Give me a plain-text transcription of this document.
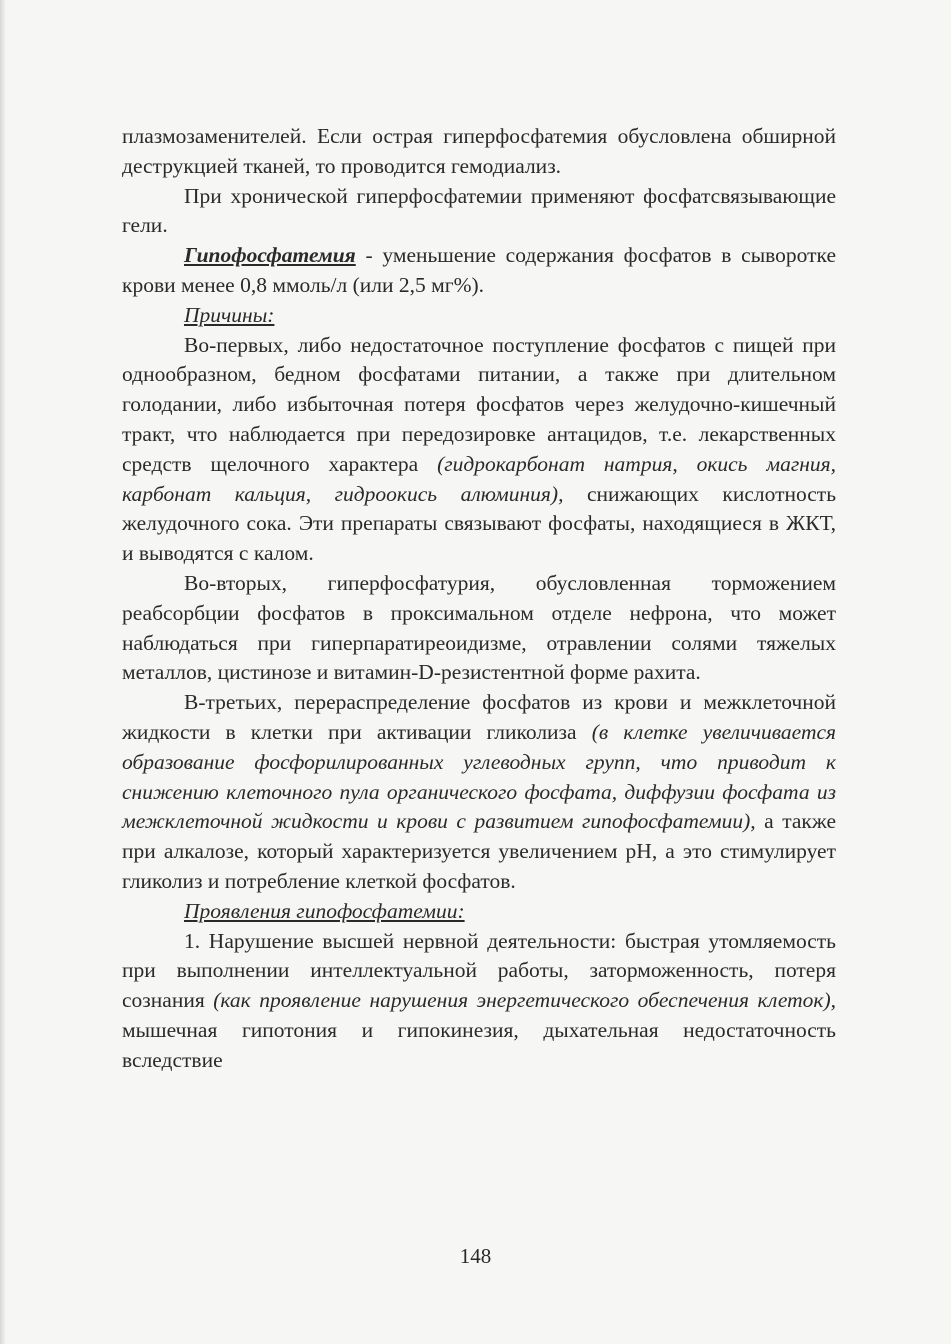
плазмозаменителей. Если острая гиперфосфатемия обусловлена обширной деструкцией тканей, то проводится гемодиализ.

При хронической гиперфосфатемии применяют фосфатсвязывающие гели.

Гипофосфатемия - уменьшение содержания фосфатов в сыворотке крови менее 0,8 ммоль/л (или 2,5 мг%).

Причины:

Во-первых, либо недостаточное поступление фосфатов с пищей при однообразном, бедном фосфатами питании, а также при длительном голодании, либо избыточная потеря фосфатов через желудочно-кишечный тракт, что наблюдается при передозировке антацидов, т.е. лекарственных средств щелочного характера (гидрокарбонат натрия, окись магния, карбонат кальция, гидроокись алюминия), снижающих кислотность желудочного сока. Эти препараты связывают фосфаты, находящиеся в ЖКТ, и выводятся с калом.

Во-вторых, гиперфосфатурия, обусловленная торможением реабсорбции фосфатов в проксимальном отделе нефрона, что может наблюдаться при гиперпаратиреоидизме, отравлении солями тяжелых металлов, цистинозе и витамин-D-резистентной форме рахита.

В-третьих, перераспределение фосфатов из крови и межклеточной жидкости в клетки при активации гликолиза (в клетке увеличивается образование фосфорилированных углеводных групп, что приводит к снижению клеточного пула органического фосфата, диффузии фосфата из межклеточной жидкости и крови с развитием гипофосфатемии), а также при алкалозе, который характеризуется увеличением pH, а это стимулирует гликолиз и потребление клеткой фосфатов.

Проявления гипофосфатемии:

1. Нарушение высшей нервной деятельности: быстрая утомляемость при выполнении интеллектуальной работы, заторможенность, потеря сознания (как проявление нарушения энергетического обеспечения клеток), мышечная гипотония и гипокинезия, дыхательная недостаточность вследствие

148
